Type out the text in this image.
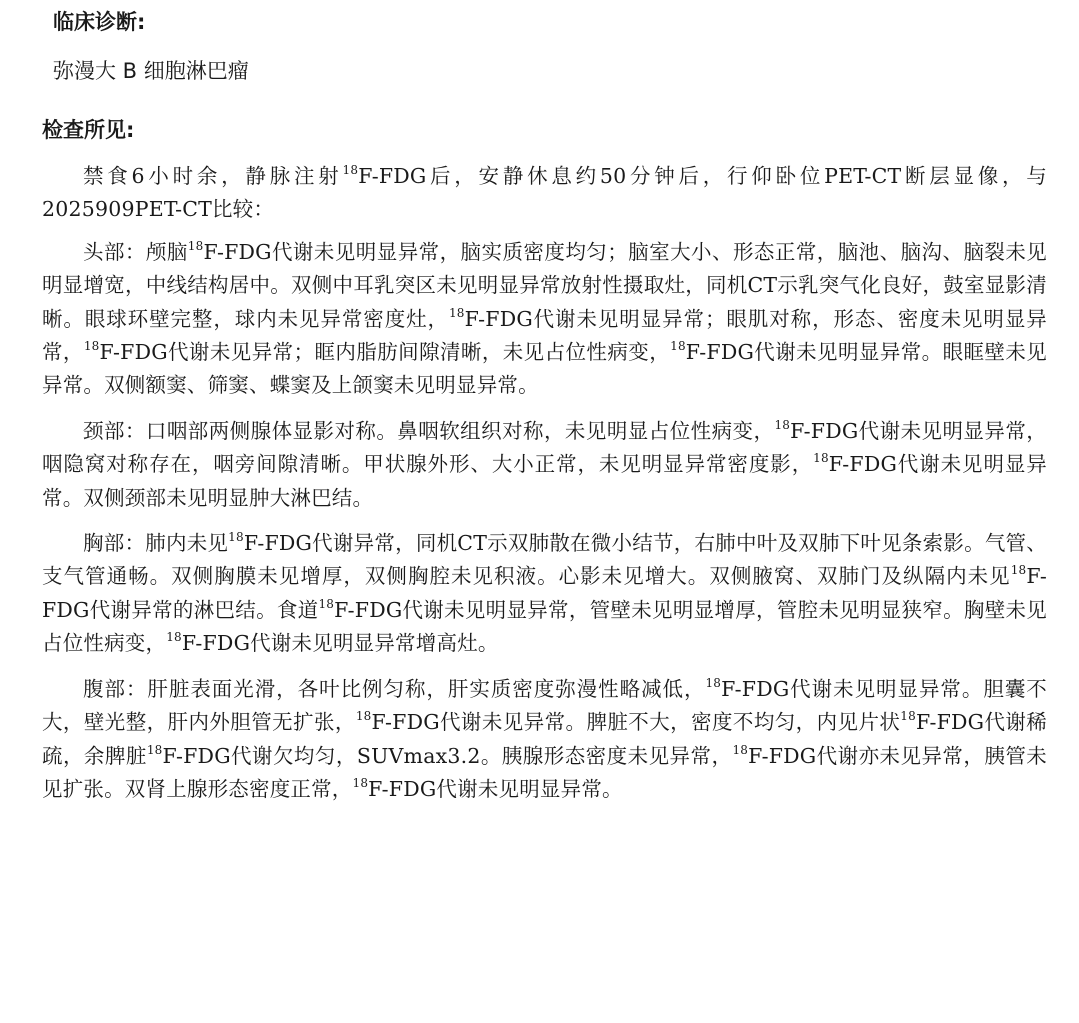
临床诊断:

弥漫大 B 细胞淋巴瘤

检查所见:

禁食6小时余，静脉注射$^{18}$F-FDG后，安静休息约50分钟后，行仰卧位PET-CT断层显像，与2025909PET-CT比较：

头部：颅脑$^{18}$F-FDG代谢未见明显异常，脑实质密度均匀；脑室大小、形态正常，脑池、脑沟、脑裂未见明显增宽，中线结构居中。双侧中耳乳突区未见明显异常放射性摄取灶，同机CT示乳突气化良好，鼓室显影清晰。眼球环壁完整，球内未见异常密度灶，$^{18}$F-FDG代谢未见明显异常；眼肌对称，形态、密度未见明显异常，$^{18}$F-FDG代谢未见异常；眶内脂肪间隙清晰，未见占位性病变，$^{18}$F-FDG代谢未见明显异常。眼眶壁未见异常。双侧额窦、筛窦、蝶窦及上颌窦未见明显异常。

颈部：口咽部两侧腺体显影对称。鼻咽软组织对称，未见明显占位性病变，$^{18}$F-FDG代谢未见明显异常，咽隐窝对称存在，咽旁间隙清晰。甲状腺外形、大小正常，未见明显异常密度影，$^{18}$F-FDG代谢未见明显异常。双侧颈部未见明显肿大淋巴结。

胸部：肺内未见$^{18}$F-FDG代谢异常，同机CT示双肺散在微小结节，右肺中叶及双肺下叶见条索影。气管、支气管通畅。双侧胸膜未见增厚，双侧胸腔未见积液。心影未见增大。双侧腋窝、双肺门及纵隔内未见$^{18}$F-FDG代谢异常的淋巴结。食道$^{18}$F-FDG代谢未见明显异常，管壁未见明显增厚，管腔未见明显狭窄。胸壁未见占位性病变，$^{18}$F-FDG代谢未见明显异常增高灶。

腹部：肝脏表面光滑，各叶比例匀称，肝实质密度弥漫性略减低，$^{18}$F-FDG代谢未见明显异常。胆囊不大，壁光整，肝内外胆管无扩张，$^{18}$F-FDG代谢未见异常。脾脏不大，密度不均匀，内见片状$^{18}$F-FDG代谢稀疏，余脾脏$^{18}$F-FDG代谢欠均匀，SUVmax3.2。胰腺形态密度未见异常，$^{18}$F-FDG代谢亦未见异常，胰管未见扩张。双肾上腺形态密度正常，$^{18}$F-FDG代谢未见明显异常。
